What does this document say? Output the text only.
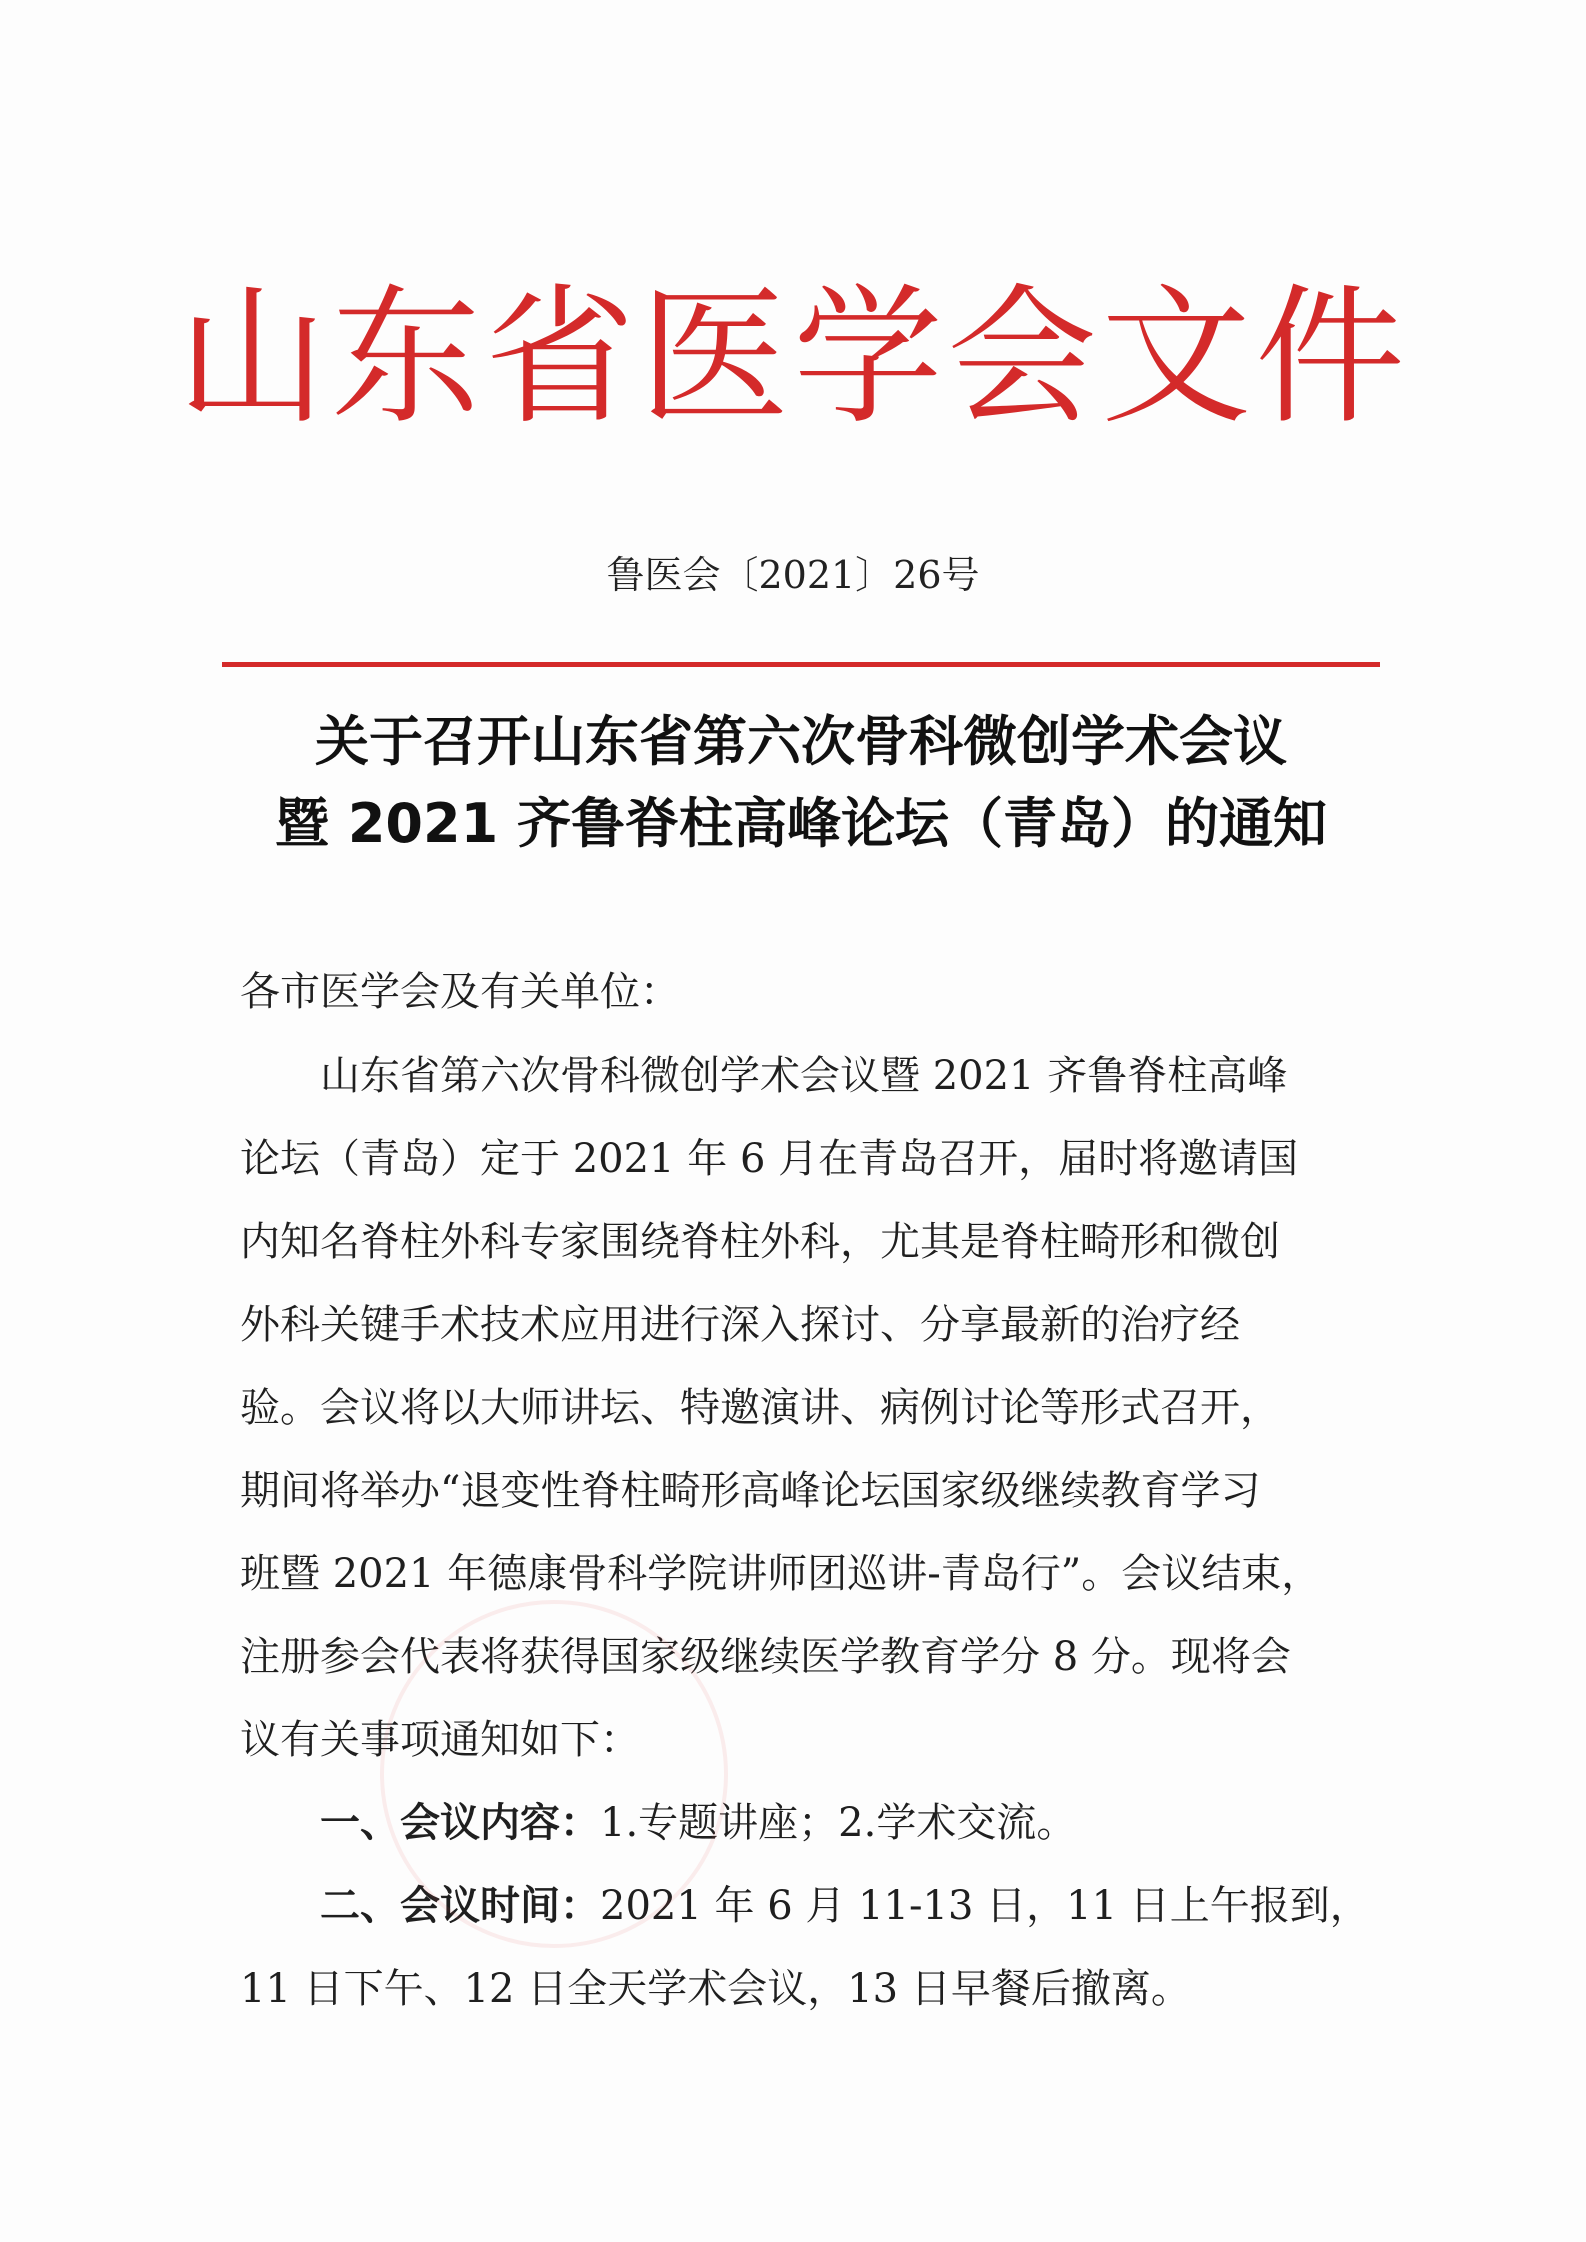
山东省医学会文件
鲁医会〔2021〕26号
关于召开山东省第六次骨科微创学术会议
暨 2021 齐鲁脊柱高峰论坛（青岛）的通知
各市医学会及有关单位：
　　山东省第六次骨科微创学术会议暨 2021 齐鲁脊柱高峰
论坛（青岛）定于 2021 年 6 月在青岛召开，届时将邀请国
内知名脊柱外科专家围绕脊柱外科，尤其是脊柱畸形和微创
外科关键手术技术应用进行深入探讨、分享最新的治疗经
验。会议将以大师讲坛、特邀演讲、病例讨论等形式召开，
期间将举办“退变性脊柱畸形高峰论坛国家级继续教育学习
班暨 2021 年德康骨科学院讲师团巡讲-青岛行”。会议结束，
注册参会代表将获得国家级继续医学教育学分 8 分。现将会
议有关事项通知如下：
　　一、会议内容：1.专题讲座；2.学术交流。
　　二、会议时间：2021 年 6 月 11-13 日，11 日上午报到，
11 日下午、12 日全天学术会议，13 日早餐后撤离。
